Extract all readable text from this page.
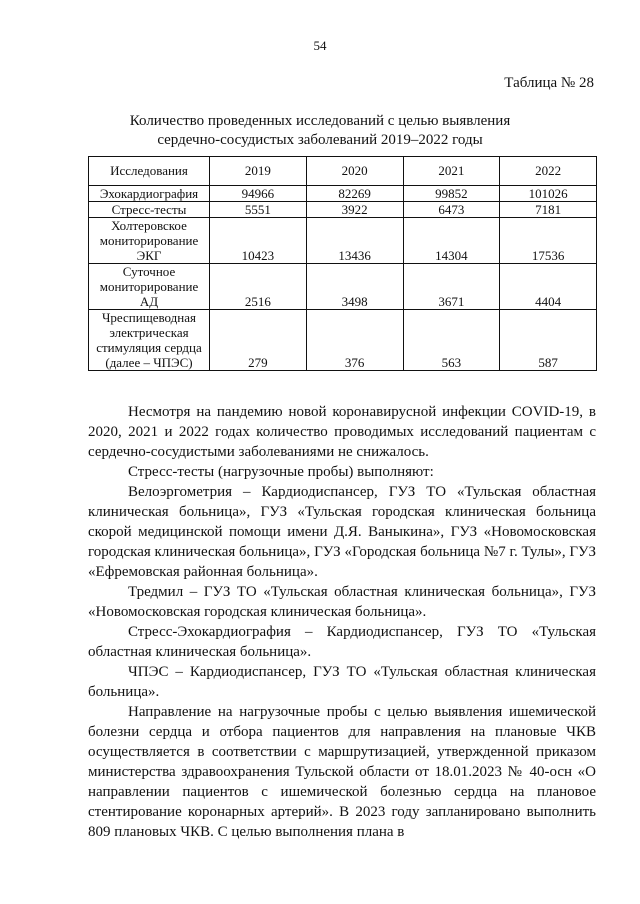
54
Таблица № 28
Количество проведенных исследований с целью выявления
сердечно-сосудистых заболеваний 2019–2022 годы
Исследования	2019	2020	2021	2022
Эхокардиография	94966	82269	99852	101026
Стресс-тесты	5551	3922	6473	7181
Холтеровское мониторирование ЭКГ	10423	13436	14304	17536
Суточное мониторирование АД	2516	3498	3671	4404
Чреспищеводная электрическая стимуляция сердца (далее – ЧПЭС)	279	376	563	587

Несмотря на пандемию новой коронавирусной инфекции COVID-19, в 2020, 2021 и 2022 годах количество проводимых исследований пациентам с сердечно-сосудистыми заболеваниями не снижалось.

Стресс-тесты (нагрузочные пробы) выполняют:

Велоэргометрия – Кардиодиспансер, ГУЗ ТО «Тульская областная клиническая больница», ГУЗ «Тульская городская клиническая больница скорой медицинской помощи имени Д.Я. Ваныкина», ГУЗ «Новомосковская городская клиническая больница», ГУЗ «Городская больница №7 г. Тулы», ГУЗ «Ефремовская районная больница».

Тредмил – ГУЗ ТО «Тульская областная клиническая больница», ГУЗ «Новомосковская городская клиническая больница».

Стресс-Эхокардиография – Кардиодиспансер, ГУЗ ТО «Тульская областная клиническая больница».

ЧПЭС – Кардиодиспансер, ГУЗ ТО «Тульская областная клиническая больница».

Направление на нагрузочные пробы с целью выявления ишемической болезни сердца и отбора пациентов для направления на плановые ЧКВ осуществляется в соответствии с маршрутизацией, утвержденной приказом министерства здравоохранения Тульской области от 18.01.2023 № 40-осн «О направлении пациентов с ишемической болезнью сердца на плановое стентирование коронарных артерий». В 2023 году запланировано выполнить 809 плановых ЧКВ. С целью выполнения плана в
